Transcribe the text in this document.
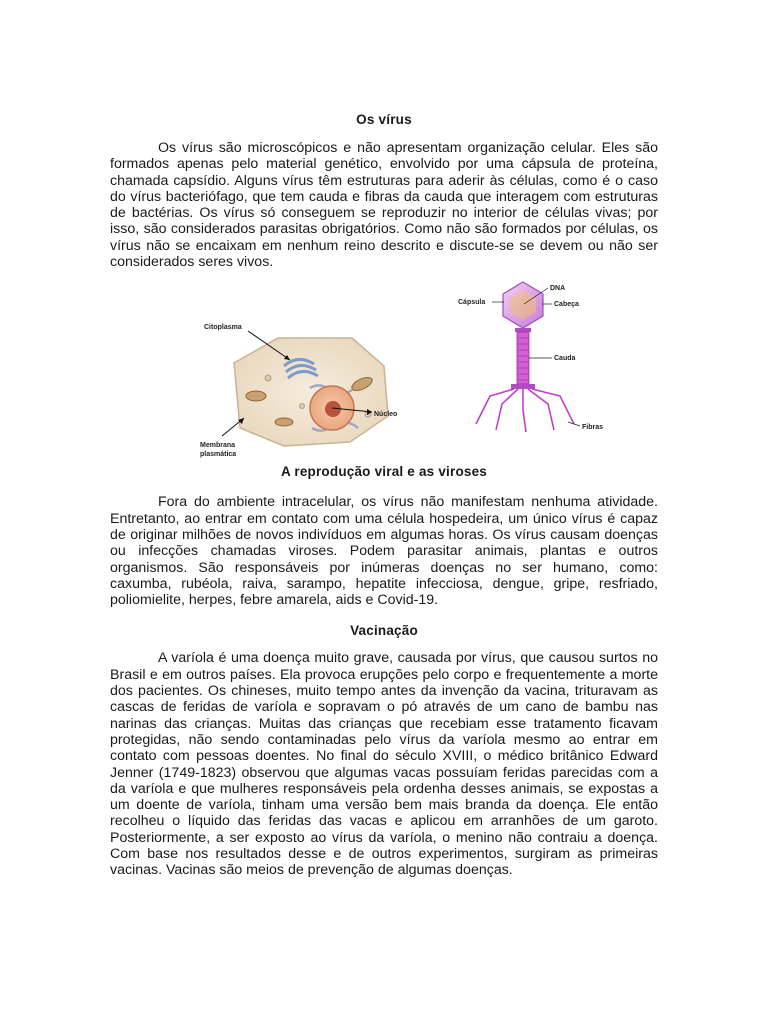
Os vírus

Os vírus são microscópicos e não apresentam organização celular. Eles são formados apenas pelo material genético, envolvido por uma cápsula de proteína, chamada capsídio. Alguns vírus têm estruturas para aderir às células, como é o caso do vírus bacteriófago, que tem cauda e fibras da cauda que interagem com estruturas de bactérias. Os vírus só conseguem se reproduzir no interior de células vivas; por isso, são considerados parasitas obrigatórios. Como não são formados por células, os vírus não se encaixam em nenhum reino descrito e discute-se se devem ou não ser considerados seres vivos.

Citoplasma
Núcleo
Membrana
plasmática
DNA
Cápsula	Cabeça
Cauda
Fibras
A reprodução viral e as viroses

Fora do ambiente intracelular, os vírus não manifestam nenhuma atividade. Entretanto, ao entrar em contato com uma célula hospedeira, um único vírus é capaz de originar milhões de novos indivíduos em algumas horas. Os vírus causam doenças ou infecções chamadas viroses. Podem parasitar animais, plantas e outros organismos. São responsáveis por inúmeras doenças no ser humano, como: caxumba, rubéola, raiva, sarampo, hepatite infecciosa, dengue, gripe, resfriado, poliomielite, herpes, febre amarela, aids e Covid-19.

Vacinação

A varíola é uma doença muito grave, causada por vírus, que causou surtos no Brasil e em outros países. Ela provoca erupções pelo corpo e frequentemente a morte dos pacientes. Os chineses, muito tempo antes da invenção da vacina, trituravam as cascas de feridas de varíola e sopravam o pó através de um cano de bambu nas narinas das crianças. Muitas das crianças que recebiam esse tratamento ficavam protegidas, não sendo contaminadas pelo vírus da varíola mesmo ao entrar em contato com pessoas doentes. No final do século XVIII, o médico britânico Edward Jenner (1749-1823) observou que algumas vacas possuíam feridas parecidas com a da varíola e que mulheres responsáveis pela ordenha desses animais, se expostas a um doente de varíola, tinham uma versão bem mais branda da doença. Ele então recolheu o líquido das feridas das vacas e aplicou em arranhões de um garoto. Posteriormente, a ser exposto ao vírus da varíola, o menino não contraiu a doença. Com base nos resultados desse e de outros experimentos, surgiram as primeiras vacinas. Vacinas são meios de prevenção de algumas doenças.
